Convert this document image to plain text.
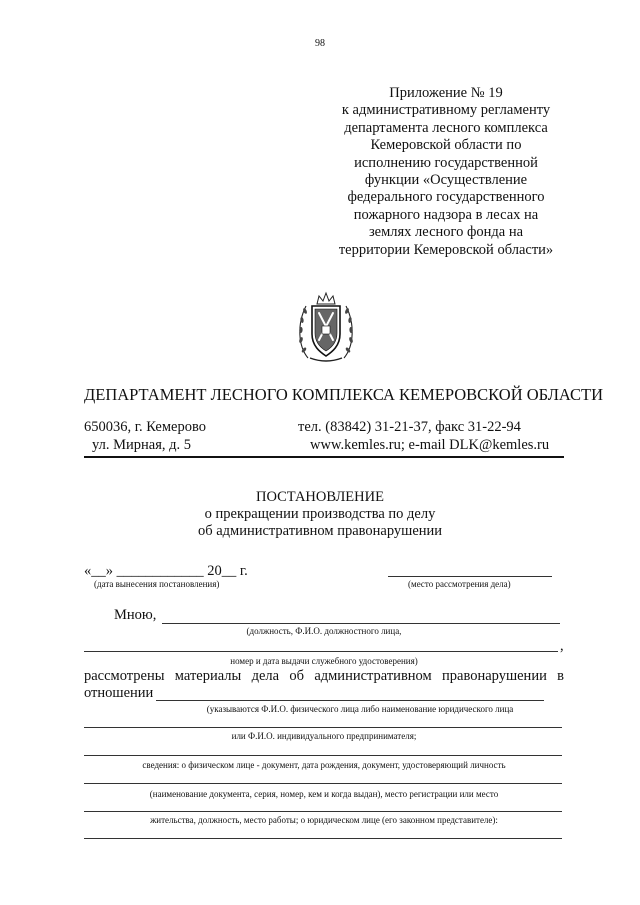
98
Приложение № 19
к административному регламенту
департамента лесного комплекса
Кемеровской области по
исполнению государственной
функции «Осуществление
федерального государственного
пожарного надзора в лесах на
землях лесного фонда на
территории Кемеровской области»
ДЕПАРТАМЕНТ ЛЕСНОГО КОМПЛЕКСА КЕМЕРОВСКОЙ ОБЛАСТИ
650036, г. Кемерово
ул. Мирная, д. 5
тел. (83842) 31-21-37, факс 31-22-94
www.kemles.ru; e-mail DLK@kemles.ru
ПОСТАНОВЛЕНИЕ
о прекращении производства по делу
об административном правонарушении
«__» ____________ 20__ г.
(дата вынесения постановления)	(место рассмотрения дела)
Мною,
(должность, Ф.И.О. должностного лица,
,
номер и дата выдачи служебного удостоверения)
рассмотрены материалы дела об административном правонарушении в
отношении
(указываются Ф.И.О. физического лица либо наименование юридического лица
или Ф.И.О. индивидуального предпринимателя;
сведения: о физическом лице - документ, дата рождения, документ, удостоверяющий личность
(наименование документа, серия, номер, кем и когда выдан), место регистрации или место
жительства, должность, место работы; о юридическом лице (его законном представителе):
